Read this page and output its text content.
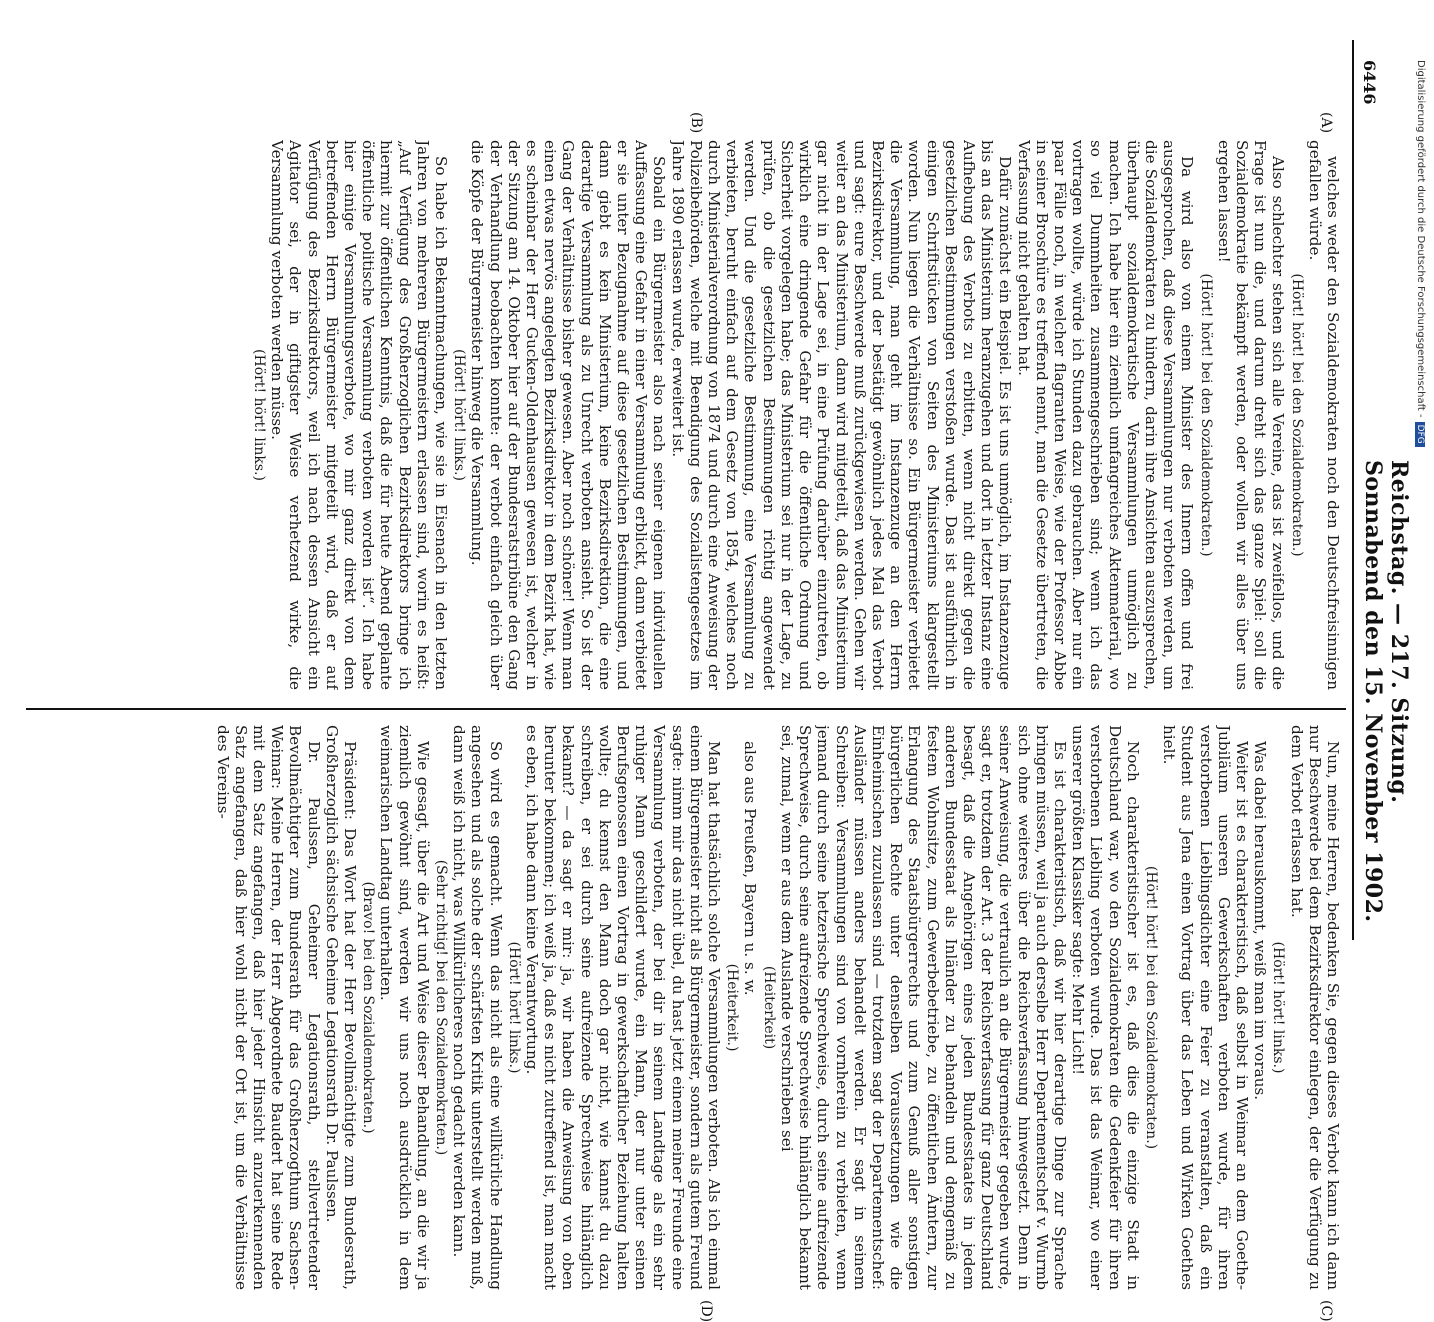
Digitalisierung gefördert durch die Deutsche Forschungsgemeinschaft -DFG
6446
Reichstag. — 217. Sitzung. Sonnabend den 15. November 1902.
(A)
(B)
(C)
(D)

welches weder den Sozialdemokraten noch den Deutschfreisinnigen gefallen würde.

(Hört! hört! bei den Sozialdemokraten.)

Also schlechter stehen sich alle Vereine, das ist zweifellos, und die Frage ist nun die, und darum dreht sich das ganze Spiel: soll die Sozialdemokratie bekämpft werden, oder wollen wir alles über uns ergehen lassen!

(Hört! hört! bei den Sozialdemokraten.)

Da wird also von einem Minister des Innern offen und frei ausgesprochen, daß diese Versammlungen nur verboten werden, um die Sozialdemokraten zu hindern, darin ihre Ansichten auszusprechen, überhaupt sozialdemokratische Versammlungen unmöglich zu machen. Ich habe hier ein ziemlich umfangreiches Aktenmaterial, wo so viel Dummheiten zusammengeschrieben sind; wenn ich das vortragen wollte, würde ich Stunden dazu gebrauchen. Aber nur ein paar Fälle noch, in welcher flagranten Weise, wie der Professor Abbe in seiner Broschüre es treffend nennt, man die Gesetze übertreten, die Verfassung nicht gehalten hat.

Dafür zunächst ein Beispiel. Es ist uns unmöglich, im Instanzenzuge bis an das Ministerium heranzugehen und dort in letzter Instanz eine Aufhebung des Verbots zu erbitten, wenn nicht direkt gegen die gesetzlichen Bestimmungen verstoßen wurde. Das ist ausführlich in einigen Schriftstücken von Seiten des Ministeriums klargestellt worden. Nun liegen die Verhältnisse so. Ein Bürgermeister verbietet die Versammlung, man geht im Instanzenzuge an den Herrn Bezirksdirektor, und der bestätigt gewöhnlich jedes Mal das Verbot und sagt: eure Beschwerde muß zurückgewiesen werden. Gehen wir weiter an das Ministerium, dann wird mitgeteilt, daß das Ministerium gar nicht in der Lage sei, in eine Prüfung darüber einzutreten, ob wirklich eine dringende Gefahr für die öffentliche Ordnung und Sicherheit vorgelegen habe; das Ministerium sei nur in der Lage, zu prüfen, ob die gesetzlichen Bestimmungen richtig angewendet werden. Und die gesetzliche Bestimmung, eine Versammlung zu verbieten, beruht einfach auf dem Gesetz von 1854, welches noch durch Ministerialverordnung von 1874 und durch eine Anweisung der Polizeibehörden, welche mit Beendigung des Sozialistengesetzes im Jahre 1890 erlassen wurde, erweitert ist.

Sobald ein Bürgermeister also nach seiner eigenen individuellen Auffassung eine Gefahr in einer Versammlung erblickt, dann verbietet er sie unter Bezugnahme auf diese gesetzlichen Bestimmungen, und dann giebt es kein Ministerium, keine Bezirksdirektion, die eine derartige Versammlung als zu Unrecht verboten ansieht. So ist der Gang der Verhältnisse bisher gewesen. Aber noch schöner! Wenn man einen etwas nervös angelegten Bezirksdirektor in dem Bezirk hat, wie es scheinbar der Herr Gucken-Oldenhausen gewesen ist, welcher in der Sitzung am 14. Oktober hier auf der Bundesratstribüne den Gang der Verhandlung beobachten konnte: der verbot einfach gleich über die Köpfe der Bürgermeister hinweg die Versammlung.

(Hört! hört! links.)

So habe ich Bekanntmachungen, wie sie in Eisenach in den letzten Jahren von mehreren Bürgermeistern erlassen sind, worin es heißt: „Auf Verfügung des Großherzoglichen Bezirksdirektors bringe ich hiermit zur öffentlichen Kenntnis, daß die für heute Abend geplante öffentliche politische Versammlung verboten worden ist“. Ich habe hier einige Versammlungsverbote, wo mir ganz direkt von dem betreffenden Herrn Bürgermeister mitgeteilt wird, daß er auf Verfügung des Bezirksdirektors, weil ich nach dessen Ansicht ein Agitator sei, der in giftigster Weise verhetzend wirke, die Versammlung verboten werden müsse.

(Hört! hört! links.)

Nun, meine Herren, bedenken Sie, gegen dieses Verbot kann ich dann nur Beschwerde bei dem Bezirksdirektor einlegen, der die Verfügung zu dem Verbot erlassen hat.

(Hört! hört! links.)

Was dabei herauskommt, weiß man im voraus.

Weiter ist es charakteristisch, daß selbst in Weimar an dem Goethe-Jubiläum unseren Gewerkschaften verboten wurde, für ihren verstorbenen Lieblingsdichter eine Feier zu veranstalten, daß ein Student aus Jena einen Vortrag über das Leben und Wirken Goethes hielt.

(Hört! hört! bei den Sozialdemokraten.)

Noch charakteristischer ist es, daß dies die einzige Stadt in Deutschland war, wo den Sozialdemokraten die Gedenkfeier für ihren verstorbenen Liebling verboten wurde. Das ist das Weimar, wo einer unserer größten Klassiker sagte: Mehr Licht!

Es ist charakteristisch, daß wir hier derartige Dinge zur Sprache bringen müssen, weil ja auch derselbe Herr Departementschef v. Wurmb sich ohne weiteres über die Reichsverfassung hinwegsetzt. Denn in seiner Anweisung, die vertraulich an die Bürgermeister gegeben wurde, sagt er, trotzdem der Art. 3 der Reichsverfassung für ganz Deutschland besagt, daß die Angehörigen eines jeden Bundesstaates in jedem anderen Bundesstaat als Inländer zu behandeln und demgemäß zu festem Wohnsitze, zum Gewerbebetriebe, zu öffentlichen Ämtern, zur Erlangung des Staatsbürgerrechts und zum Genuß aller sonstigen bürgerlichen Rechte unter denselben Voraussetzungen wie die Einheimischen zuzulassen sind — trotzdem sagt der Departementschef: Ausländer müssen anders behandelt werden. Er sagt in seinem Schreiben: Versammlungen sind von vornherein zu verbieten, wenn jemand durch seine hetzerische Sprechweise, durch seine aufreizende Sprechweise, durch seine aufreizende Sprechweise hinlänglich bekannt sei, zumal, wenn er aus dem Auslande verschrieben sei

(Heiterkeit)

also aus Preußen, Bayern u. s. w.

(Heiterkeit.)

Man hat thatsächlich solche Versammlungen verboten. Als ich einmal einem Bürgermeister nicht als Bürgermeister, sondern als gutem Freund sagte: nimm mir das nicht übel, du hast jetzt einem meiner Freunde eine Versammlung verboten, der bei dir in seinem Landtage als ein sehr ruhiger Mann geschildert wurde, ein Mann, der nur unter seinen Berufsgenossen einen Vortrag in gewerkschaftlicher Beziehung halten wollte; du kennst den Mann doch gar nicht, wie kannst du dazu schreiben, er sei durch seine aufreizende Sprechweise hinlänglich bekannt? — da sagt er mir: ja, wir haben die Anweisung von oben herunter bekommen; ich weiß ja, daß es nicht zutreffend ist, man macht es eben, ich habe dann keine Verantwortung.

(Hört! hört! links.)

So wird es gemacht. Wenn das nicht als eine willkürliche Handlung angesehen und als solche der schärfsten Kritik unterstellt werden muß, dann weiß ich nicht, was Willkürlicheres noch gedacht werden kann.

(Sehr richtig! bei den Sozialdemokraten.)

Wie gesagt, über die Art und Weise dieser Behandlung, an die wir ja ziemlich gewöhnt sind, werden wir uns noch ausdrücklich in dem weimarischen Landtag unterhalten.

(Bravo! bei den Sozialdemokraten.)

Präsident: Das Wort hat der Herr Bevollmächtigte zum Bundesrath, Großherzoglich sächsische Geheime Legationsrath Dr. Paulssen.

Dr. Paulssen, Geheimer Legationsrath, stellvertretender Bevollmächtigter zum Bundesrath für das Großherzogthum Sachsen-Weimar: Meine Herren, der Herr Abgeordnete Baudert hat seine Rede mit dem Satz angefangen, daß hier jeder Hinsicht anzuerkennenden Satz angefangen, daß hier wohl nicht der Ort ist, um die Verhältnisse des Vereins-
